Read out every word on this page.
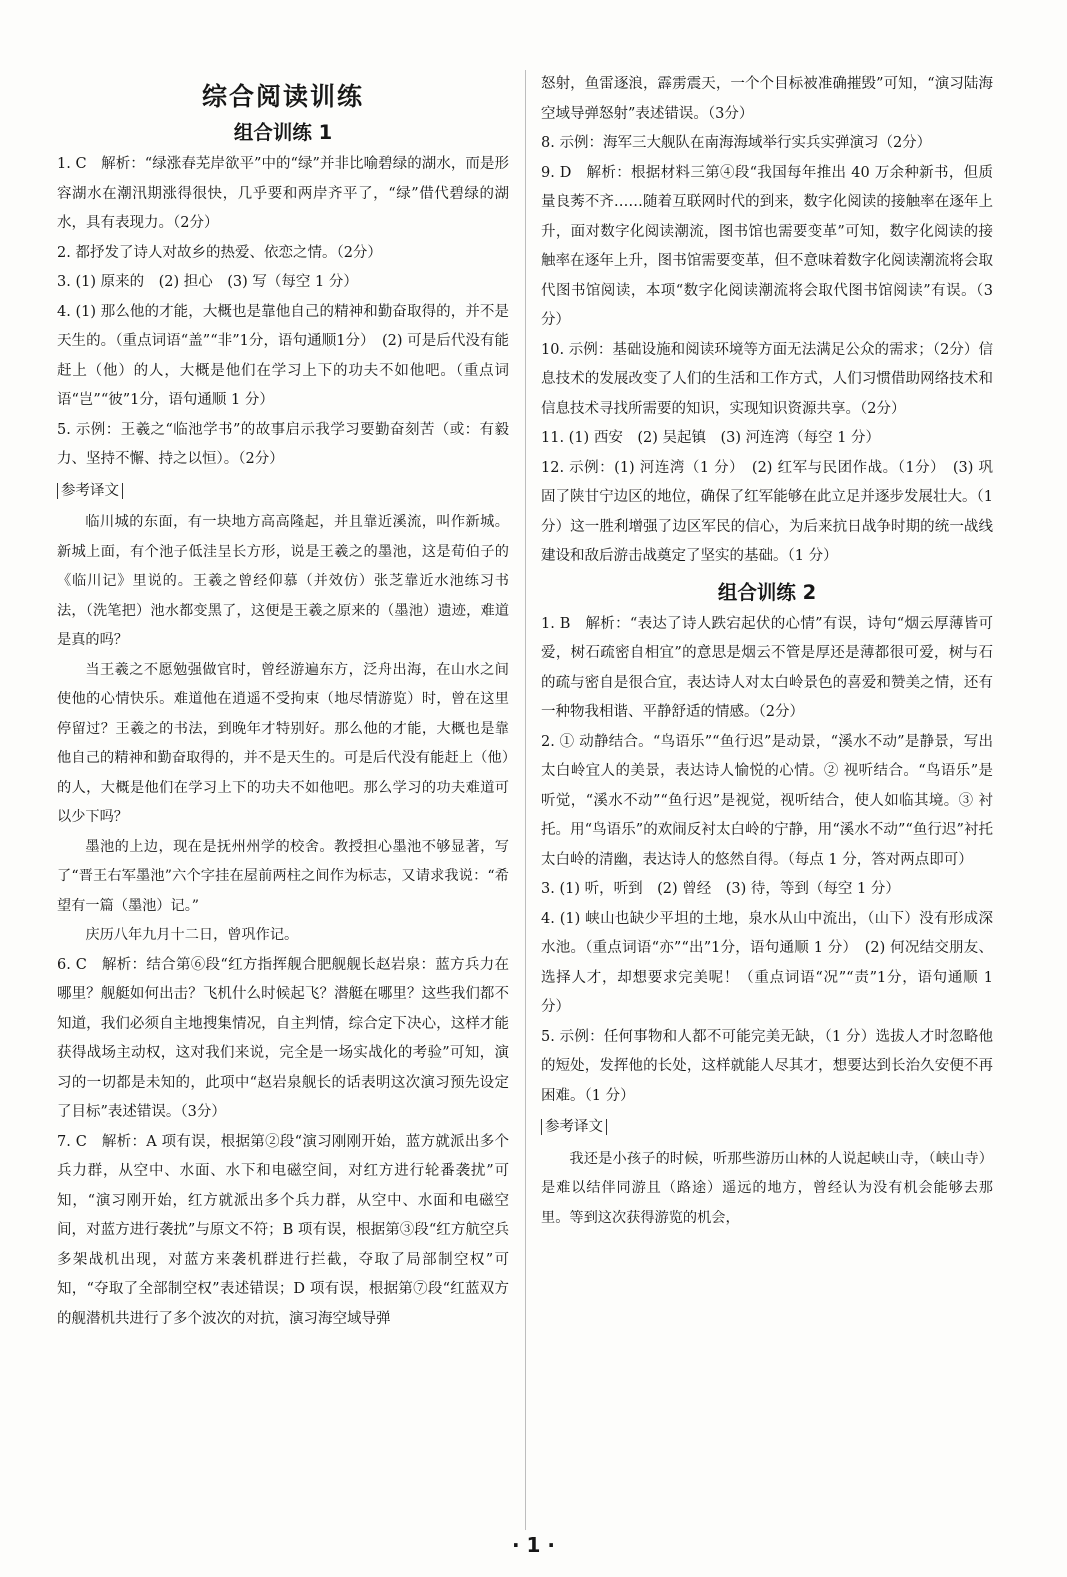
综合阅读训练

组合训练 1

1. C　解析：“绿涨春芜岸欲平”中的“绿”并非比喻碧绿的湖水，而是形容湖水在潮汛期涨得很快，几乎要和两岸齐平了，“绿”借代碧绿的湖水，具有表现力。（2分）

2. 都抒发了诗人对故乡的热爱、依恋之情。（2分）

3. (1) 原来的　(2) 担心　(3) 写（每空 1 分）

4. (1) 那么他的才能，大概也是靠他自己的精神和勤奋取得的，并不是天生的。（重点词语“盖”“非”1分，语句通顺1分）　(2) 可是后代没有能赶上（他）的人，大概是他们在学习上下的功夫不如他吧。（重点词语“岂”“彼”1分，语句通顺 1 分）

5. 示例：王羲之“临池学书”的故事启示我学习要勤奋刻苦（或：有毅力、坚持不懈、持之以恒）。（2分）

参考译文

临川城的东面，有一块地方高高隆起，并且靠近溪流，叫作新城。新城上面，有个池子低洼呈长方形，说是王羲之的墨池，这是荀伯子的《临川记》里说的。王羲之曾经仰慕（并效仿）张芝靠近水池练习书法，（洗笔把）池水都变黑了，这便是王羲之原来的（墨池）遗迹，难道是真的吗？

当王羲之不愿勉强做官时，曾经游遍东方，泛舟出海，在山水之间使他的心情快乐。难道他在逍遥不受拘束（地尽情游览）时，曾在这里停留过？王羲之的书法，到晚年才特别好。那么他的才能，大概也是靠他自己的精神和勤奋取得的，并不是天生的。可是后代没有能赶上（他）的人，大概是他们在学习上下的功夫不如他吧。那么学习的功夫难道可以少下吗？

墨池的上边，现在是抚州州学的校舍。教授担心墨池不够显著，写了“晋王右军墨池”六个字挂在屋前两柱之间作为标志，又请求我说：“希望有一篇（墨池）记。”

庆历八年九月十二日，曾巩作记。

6. C　解析：结合第⑥段“红方指挥舰合肥舰舰长赵岩泉：蓝方兵力在哪里？舰艇如何出击？飞机什么时候起飞？潜艇在哪里？这些我们都不知道，我们必须自主地搜集情况，自主判情，综合定下决心，这样才能获得战场主动权，这对我们来说，完全是一场实战化的考验”可知，演习的一切都是未知的，此项中“赵岩泉舰长的话表明这次演习预先设定了目标”表述错误。（3分）

7. C　解析：A 项有误，根据第②段“演习刚刚开始，蓝方就派出多个兵力群，从空中、水面、水下和电磁空间，对红方进行轮番袭扰”可知，“演习刚开始，红方就派出多个兵力群，从空中、水面和电磁空间，对蓝方进行袭扰”与原文不符；B 项有误，根据第③段“红方航空兵多架战机出现，对蓝方来袭机群进行拦截，夺取了局部制空权”可知，“夺取了全部制空权”表述错误；D 项有误，根据第⑦段“红蓝双方的舰潜机共进行了多个波次的对抗，演习海空域导弹

怒射，鱼雷逐浪，霹雳震天，一个个目标被准确摧毁”可知，“演习陆海空域导弹怒射”表述错误。（3分）

8. 示例：海军三大舰队在南海海域举行实兵实弹演习（2分）

9. D　解析：根据材料三第④段“我国每年推出 40 万余种新书，但质量良莠不齐……随着互联网时代的到来，数字化阅读的接触率在逐年上升，面对数字化阅读潮流，图书馆也需要变革”可知，数字化阅读的接触率在逐年上升，图书馆需要变革，但不意味着数字化阅读潮流将会取代图书馆阅读，本项“数字化阅读潮流将会取代图书馆阅读”有误。（3分）

10. 示例：基础设施和阅读环境等方面无法满足公众的需求；（2分）信息技术的发展改变了人们的生活和工作方式，人们习惯借助网络技术和信息技术寻找所需要的知识，实现知识资源共享。（2分）

11. (1) 西安　(2) 吴起镇　(3) 河连湾（每空 1 分）

12. 示例：(1) 河连湾（1 分）　(2) 红军与民团作战。（1分）　(3) 巩固了陕甘宁边区的地位，确保了红军能够在此立足并逐步发展壮大。（1分）这一胜利增强了边区军民的信心，为后来抗日战争时期的统一战线建设和敌后游击战奠定了坚实的基础。（1 分）

组合训练 2

1. B　解析：“表达了诗人跌宕起伏的心情”有误，诗句“烟云厚薄皆可爱，树石疏密自相宜”的意思是烟云不管是厚还是薄都很可爱，树与石的疏与密自是很合宜，表达诗人对太白岭景色的喜爱和赞美之情，还有一种物我相谐、平静舒适的情感。（2分）

2. ① 动静结合。“鸟语乐”“鱼行迟”是动景，“溪水不动”是静景，写出太白岭宜人的美景，表达诗人愉悦的心情。② 视听结合。“鸟语乐”是听觉，“溪水不动”“鱼行迟”是视觉，视听结合，使人如临其境。③ 衬托。用“鸟语乐”的欢闹反衬太白岭的宁静，用“溪水不动”“鱼行迟”衬托太白岭的清幽，表达诗人的悠然自得。（每点 1 分，答对两点即可）

3. (1) 听，听到　(2) 曾经　(3) 待，等到（每空 1 分）

4. (1) 峡山也缺少平坦的土地，泉水从山中流出，（山下）没有形成深水池。（重点词语“亦”“出”1分，语句通顺 1 分）　(2) 何况结交朋友、选择人才，却想要求完美呢！（重点词语“况”“责”1分，语句通顺 1 分）

5. 示例：任何事物和人都不可能完美无缺，（1 分）选拔人才时忽略他的短处，发挥他的长处，这样就能人尽其才，想要达到长治久安便不再困难。（1 分）

参考译文

我还是小孩子的时候，听那些游历山林的人说起峡山寺，（峡山寺）是难以结伴同游且（路途）遥远的地方，曾经认为没有机会能够去那里。等到这次获得游览的机会，

· 1 ·
